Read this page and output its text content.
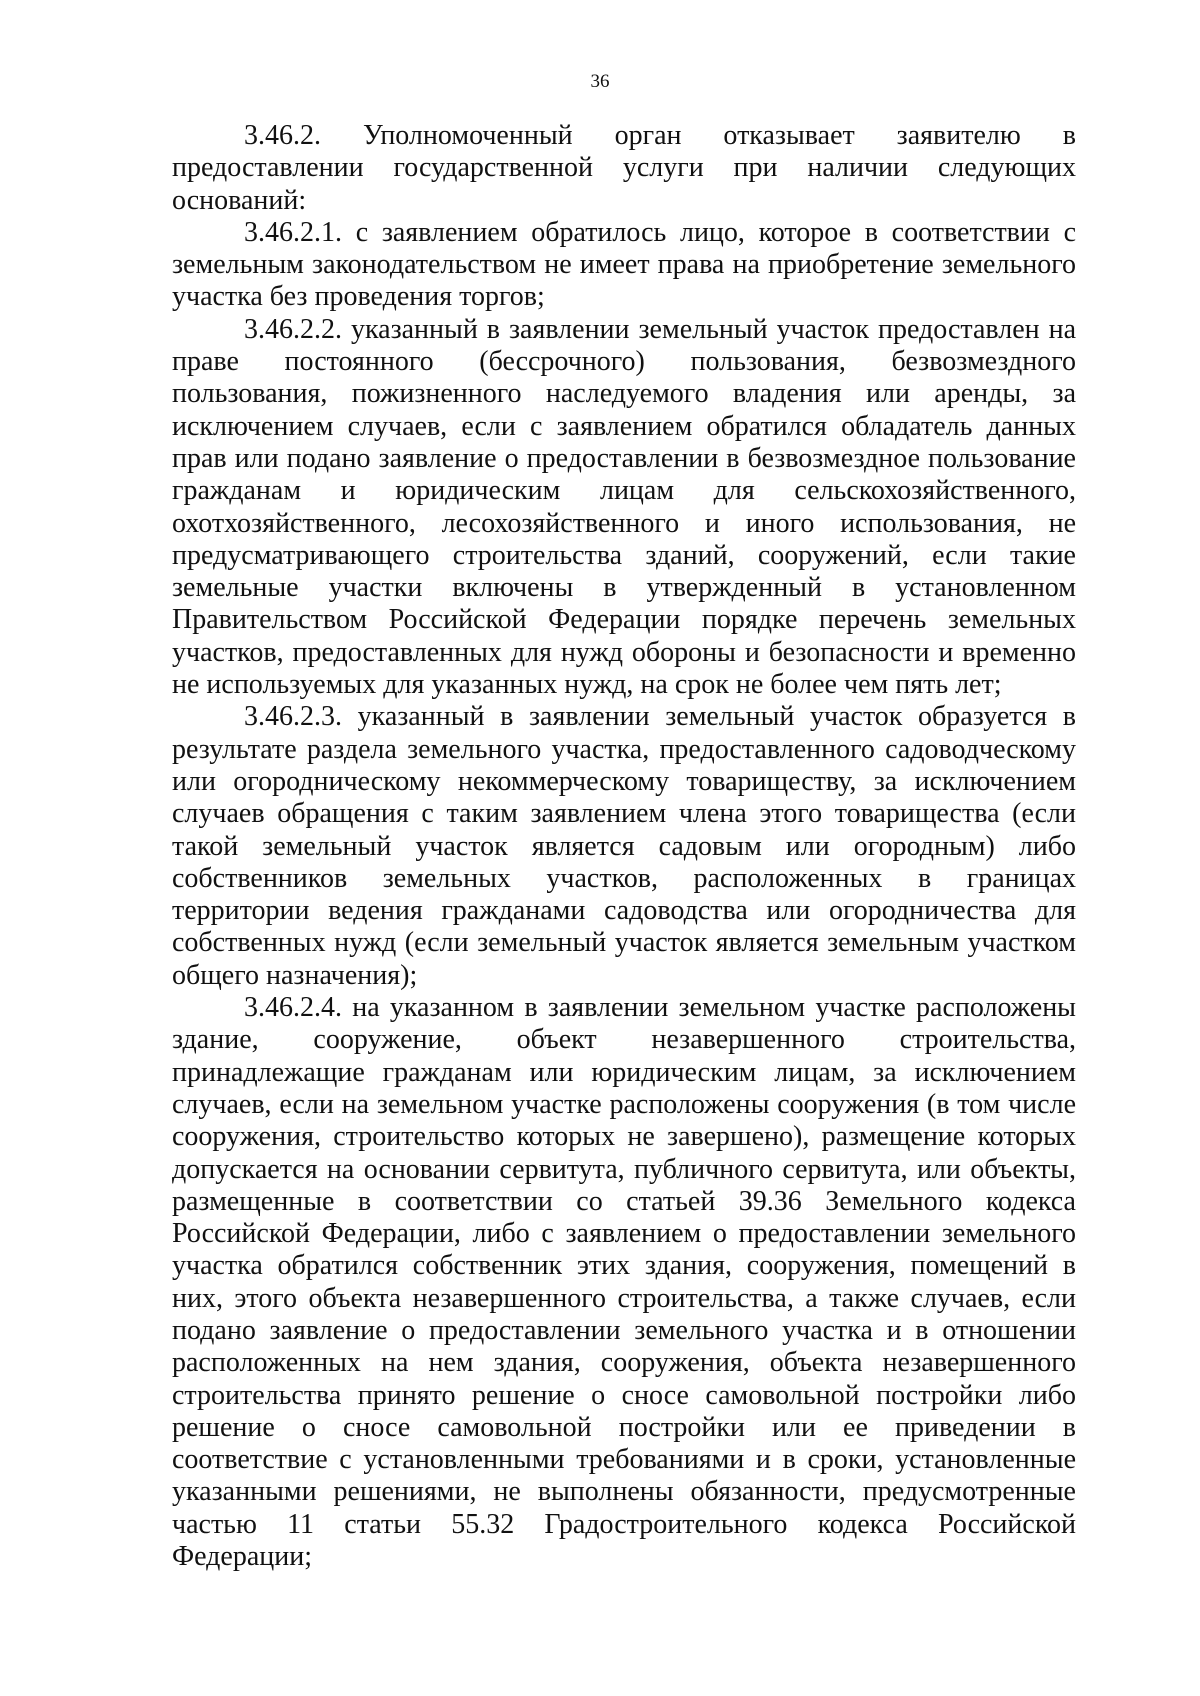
36

3.46.2. Уполномоченный орган отказывает заявителю в предоставлении государственной услуги при наличии следующих оснований:

3.46.2.1. с заявлением обратилось лицо, которое в соответствии с земельным законодательством не имеет права на приобретение земельного участка без проведения торгов;

3.46.2.2. указанный в заявлении земельный участок предоставлен на праве постоянного (бессрочного) пользования, безвозмездного пользования, пожизненного наследуемого владения или аренды, за исключением случаев, если с заявлением обратился обладатель данных прав или подано заявление о предоставлении в безвозмездное пользование гражданам и юридическим лицам для сельскохозяйственного, охотхозяйственного, лесохозяйственного и иного использования, не предусматривающего строительства зданий, сооружений, если такие земельные участки включены в утвержденный в установленном Правительством Российской Федерации порядке перечень земельных участков, предоставленных для нужд обороны и безопасности и временно не используемых для указанных нужд, на срок не более чем пять лет;

3.46.2.3. указанный в заявлении земельный участок образуется в результате раздела земельного участка, предоставленного садоводческому или огородническому некоммерческому товариществу, за исключением случаев обращения с таким заявлением члена этого товарищества (если такой земельный участок является садовым или огородным) либо собственников земельных участков, расположенных в границах территории ведения гражданами садоводства или огородничества для собственных нужд (если земельный участок является земельным участком общего назначения);

3.46.2.4. на указанном в заявлении земельном участке расположены здание, сооружение, объект незавершенного строительства, принадлежащие гражданам или юридическим лицам, за исключением случаев, если на земельном участке расположены сооружения (в том числе сооружения, строительство которых не завершено), размещение которых допускается на основании сервитута, публичного сервитута, или объекты, размещенные в соответствии со статьей 39.36 Земельного кодекса Российской Федерации, либо с заявлением о предоставлении земельного участка обратился собственник этих здания, сооружения, помещений в них, этого объекта незавершенного строительства, а также случаев, если подано заявление о предоставлении земельного участка и в отношении расположенных на нем здания, сооружения, объекта незавершенного строительства принято решение о сносе самовольной постройки либо решение о сносе самовольной постройки или ее приведении в соответствие с установленными требованиями и в сроки, установленные указанными решениями, не выполнены обязанности, предусмотренные частью 11 статьи 55.32 Градостроительного кодекса Российской Федерации;
